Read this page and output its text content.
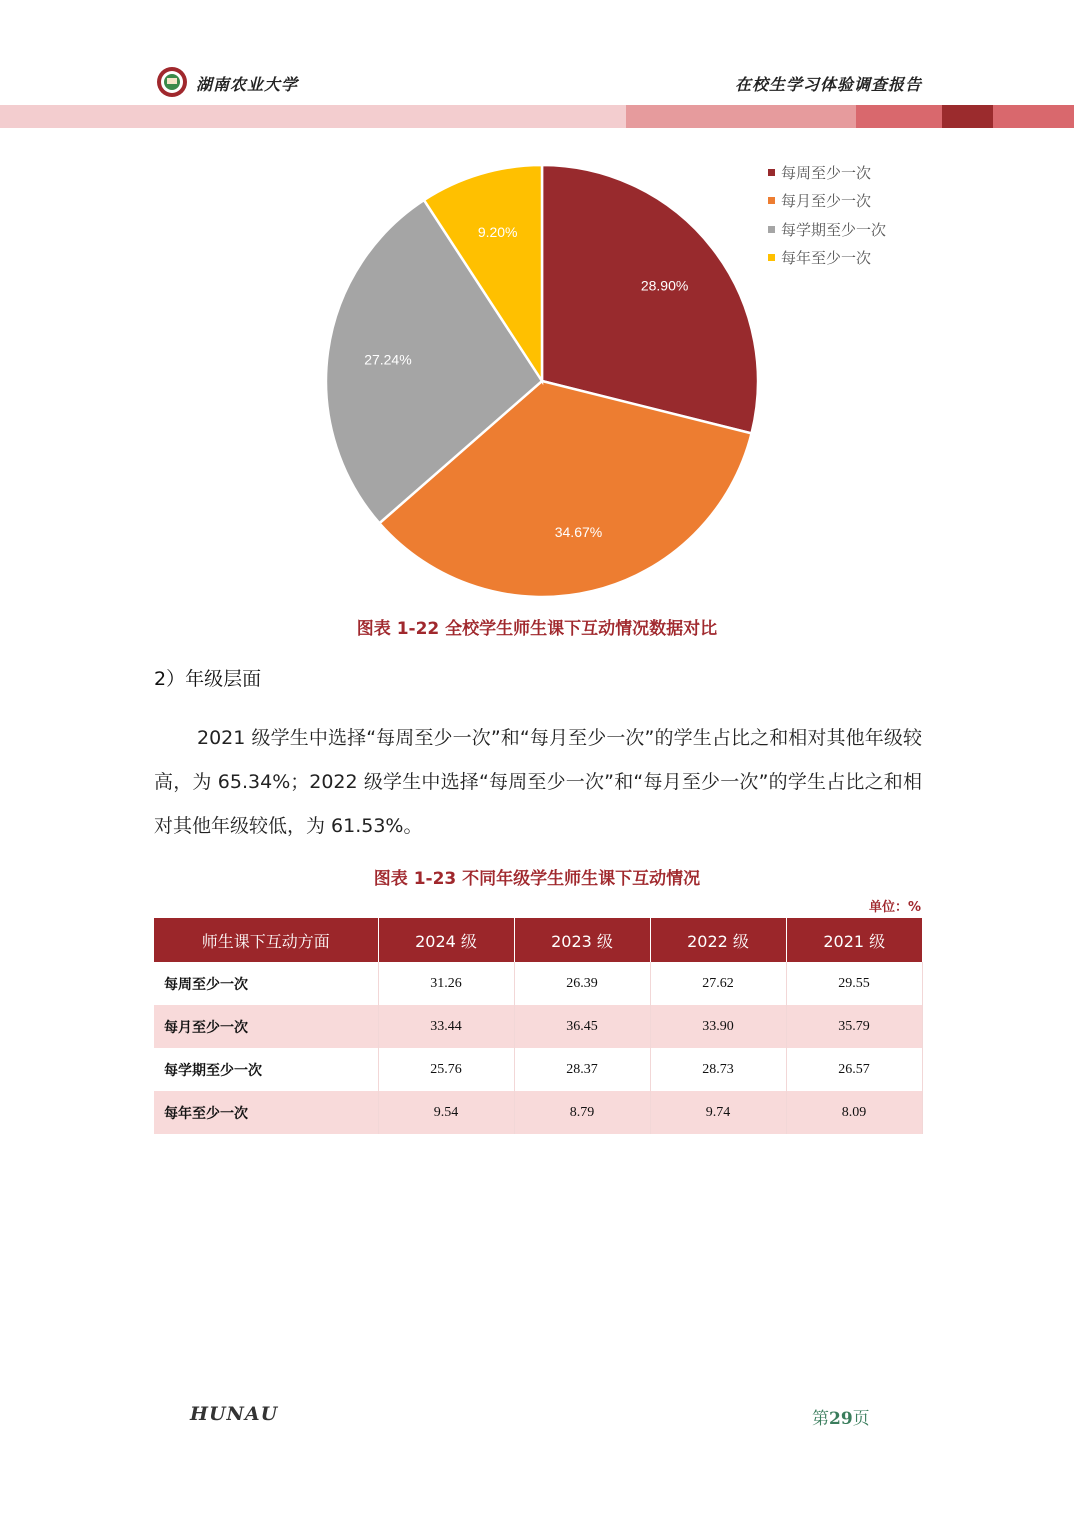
湖南农业大学	在校生学习体验调查报告
28.90%
34.67%
27.24%
9.20%
每周至少一次
每月至少一次
每学期至少一次
每年至少一次
图表 1-22 全校学生师生课下互动情况数据对比
2）年级层面
2021 级学生中选择“每周至少一次”和“每月至少一次”的学生占比之和相对其他年级较高，为 65.34%；2022 级学生中选择“每周至少一次”和“每月至少一次”的学生占比之和相对其他年级较低，为 61.53%。
图表 1-23 不同年级学生师生课下互动情况
单位：%
师生课下互动方面	2024 级	2023 级	2022 级	2021 级
每周至少一次	31.26	26.39	27.62	29.55
每月至少一次	33.44	36.45	33.90	35.79
每学期至少一次	25.76	28.37	28.73	26.57
每年至少一次	9.54	8.79	9.74	8.09
HUNAU	第29页
